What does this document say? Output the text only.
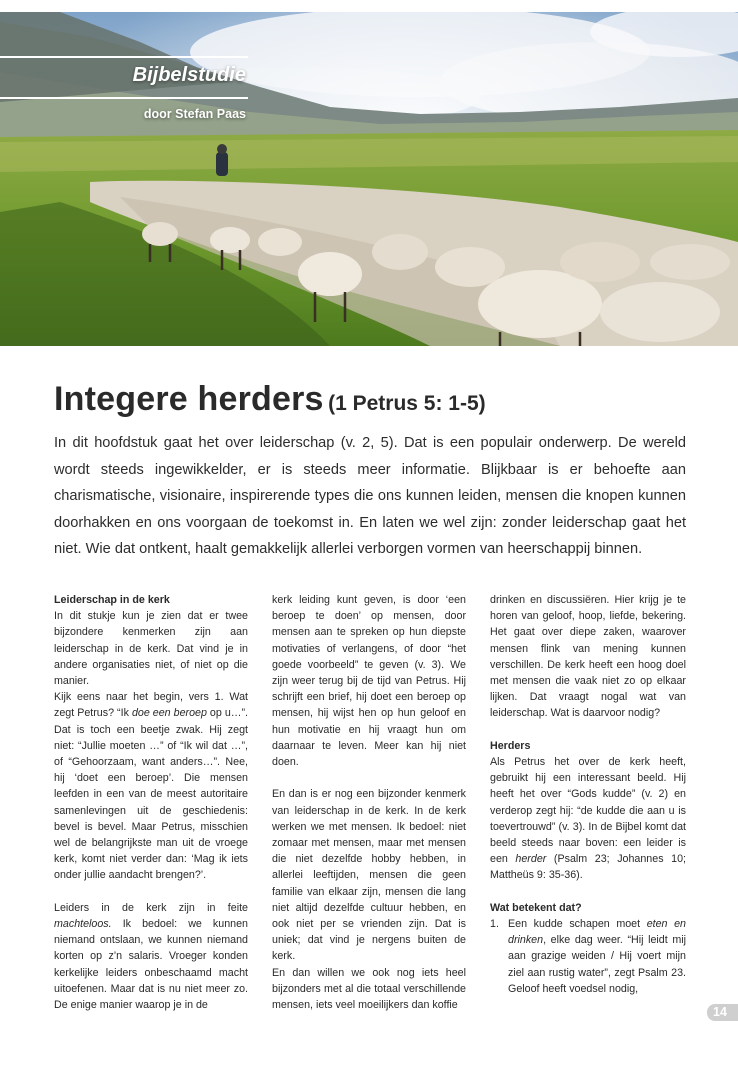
Bijbelstudie
door Stefan Paas
Integere herders (1 Petrus 5: 1-5)
In dit hoofdstuk gaat het over leiderschap (v. 2, 5). Dat is een populair onderwerp. De wereld wordt steeds ingewikkelder, er is steeds meer informatie. Blijkbaar is er behoefte aan charismatische, visionaire, inspirerende types die ons kunnen leiden, mensen die knopen kunnen doorhakken en ons voorgaan de toekomst in. En laten we wel zijn: zonder leiderschap gaat het niet. Wie dat ontkent, haalt gemakkelijk allerlei verborgen vormen van heerschappij binnen.
Leiderschap in de kerk

In dit stukje kun je zien dat er twee bijzondere kenmerken zijn aan leiderschap in de kerk. Dat vind je in andere organisaties niet, of niet op die manier.

Kijk eens naar het begin, vers 1. Wat zegt Petrus? “Ik doe een beroep op u…”. Dat is toch een beetje zwak. Hij zegt niet: “Jullie moeten …” of “Ik wil dat …”, of “Gehoorzaam, want anders…”. Nee, hij ‘doet een beroep’. Die mensen leefden in een van de meest autoritaire samenlevingen uit de geschiedenis: bevel is bevel. Maar Petrus, misschien wel de belangrijkste man uit de vroege kerk, komt niet verder dan: ‘Mag ik iets onder jullie aandacht brengen?’.

Leiders in de kerk zijn in feite machteloos. Ik bedoel: we kunnen niemand ontslaan, we kunnen niemand korten op z’n salaris. Vroeger konden kerkelijke leiders onbeschaamd macht uitoefenen. Maar dat is nu niet meer zo. De enige manier waarop je in de

kerk leiding kunt geven, is door ‘een beroep te doen’ op mensen, door mensen aan te spreken op hun diepste motivaties of verlangens, of door “het goede voorbeeld” te geven (v. 3). We zijn weer terug bij de tijd van Petrus. Hij schrijft een brief, hij doet een beroep op mensen, hij wijst hen op hun geloof en hun motivatie en hij vraagt hun om daarnaar te leven. Meer kan hij niet doen.

En dan is er nog een bijzonder kenmerk van leiderschap in de kerk. In de kerk werken we met mensen. Ik bedoel: niet zomaar met mensen, maar met mensen die niet dezelfde hobby hebben, in allerlei leeftijden, mensen die geen familie van elkaar zijn, mensen die lang niet altijd dezelfde cultuur hebben, en ook niet per se vrienden zijn. Dat is uniek; dat vind je nergens buiten de kerk.

En dan willen we ook nog iets heel bijzonders met al die totaal verschillende mensen, iets veel moeilijkers dan koffie

drinken en discussiëren. Hier krijg je te horen van geloof, hoop, liefde, bekering. Het gaat over diepe zaken, waarover mensen flink van mening kunnen verschillen. De kerk heeft een hoog doel met mensen die vaak niet zo op elkaar lijken. Dat vraagt nogal wat van leiderschap. Wat is daarvoor nodig?

Herders

Als Petrus het over de kerk heeft, gebruikt hij een interessant beeld. Hij heeft het over “Gods kudde” (v. 2) en verderop zegt hij: “de kudde die aan u is toevertrouwd” (v. 3). In de Bijbel komt dat beeld steeds naar boven: een leider is een herder (Psalm 23; Johannes 10; Mattheüs 9: 35-36).

Wat betekent dat?

1. Een kudde schapen moet eten en drinken, elke dag weer. “Hij leidt mij aan grazige weiden / Hij voert mijn ziel aan rustig water”, zegt Psalm 23. Geloof heeft voedsel nodig,

14
